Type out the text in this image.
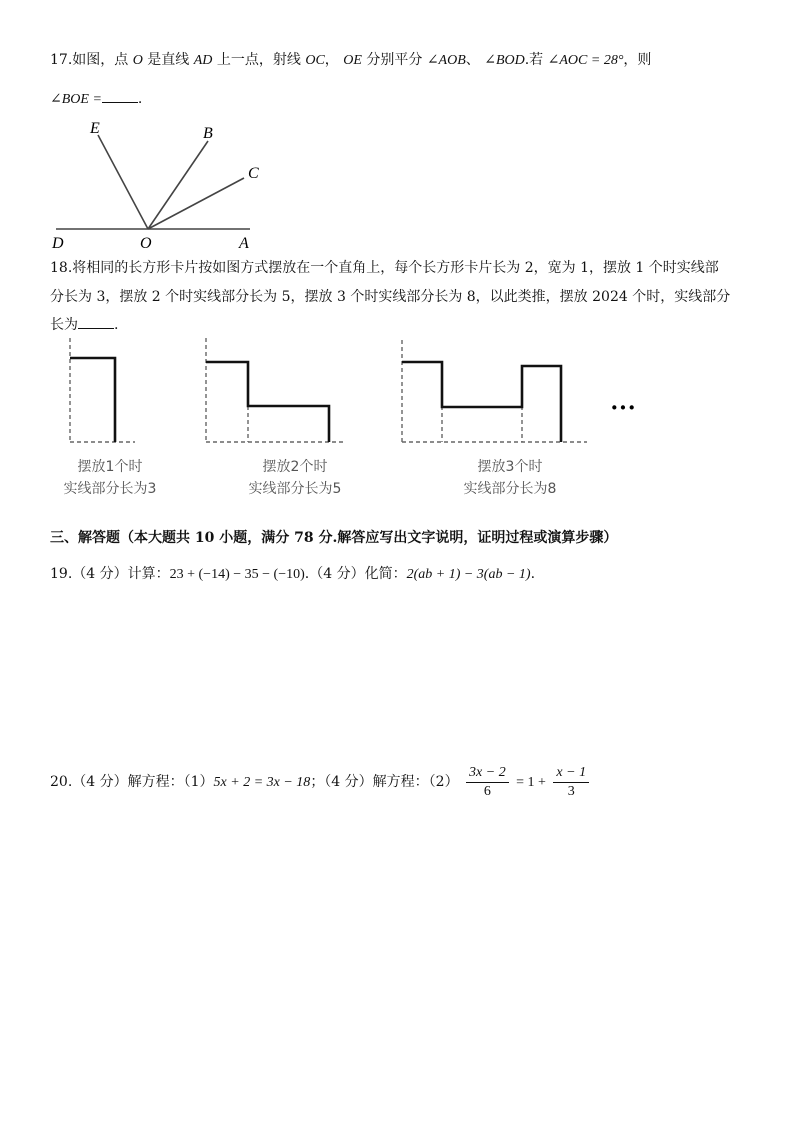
17.如图，点 O 是直线 AD 上一点，射线 OC， OE 分别平分 ∠AOB、 ∠BOD.若 ∠AOC = 28°，则
∠BOE =	.
E	B
C
D	O	A
18.将相同的长方形卡片按如图方式摆放在一个直角上，每个长方形卡片长为 2，宽为 1，摆放 1 个时实线部
分长为 3，摆放 2 个时实线部分长为 5，摆放 3 个时实线部分长为 8，以此类推，摆放 2024 个时，实线部分
长为	.
···
摆放1个时
实线部分长为3
摆放2个时
实线部分长为5
摆放3个时
实线部分长为8
三、解答题（本大题共 10 小题，满分 78 分.解答应写出文字说明，证明过程或演算步骤）
19.（4 分）计算：23 + (−14) − 35 − (−10).（4 分）化简：2(ab + 1) − 3(ab − 1).
20.（4 分）解方程：（1）5x + 2 = 3x − 18；（4 分）解方程：$(2) \frac{3x - 2}{6} = 1 + \frac{x - 1}{3}$
